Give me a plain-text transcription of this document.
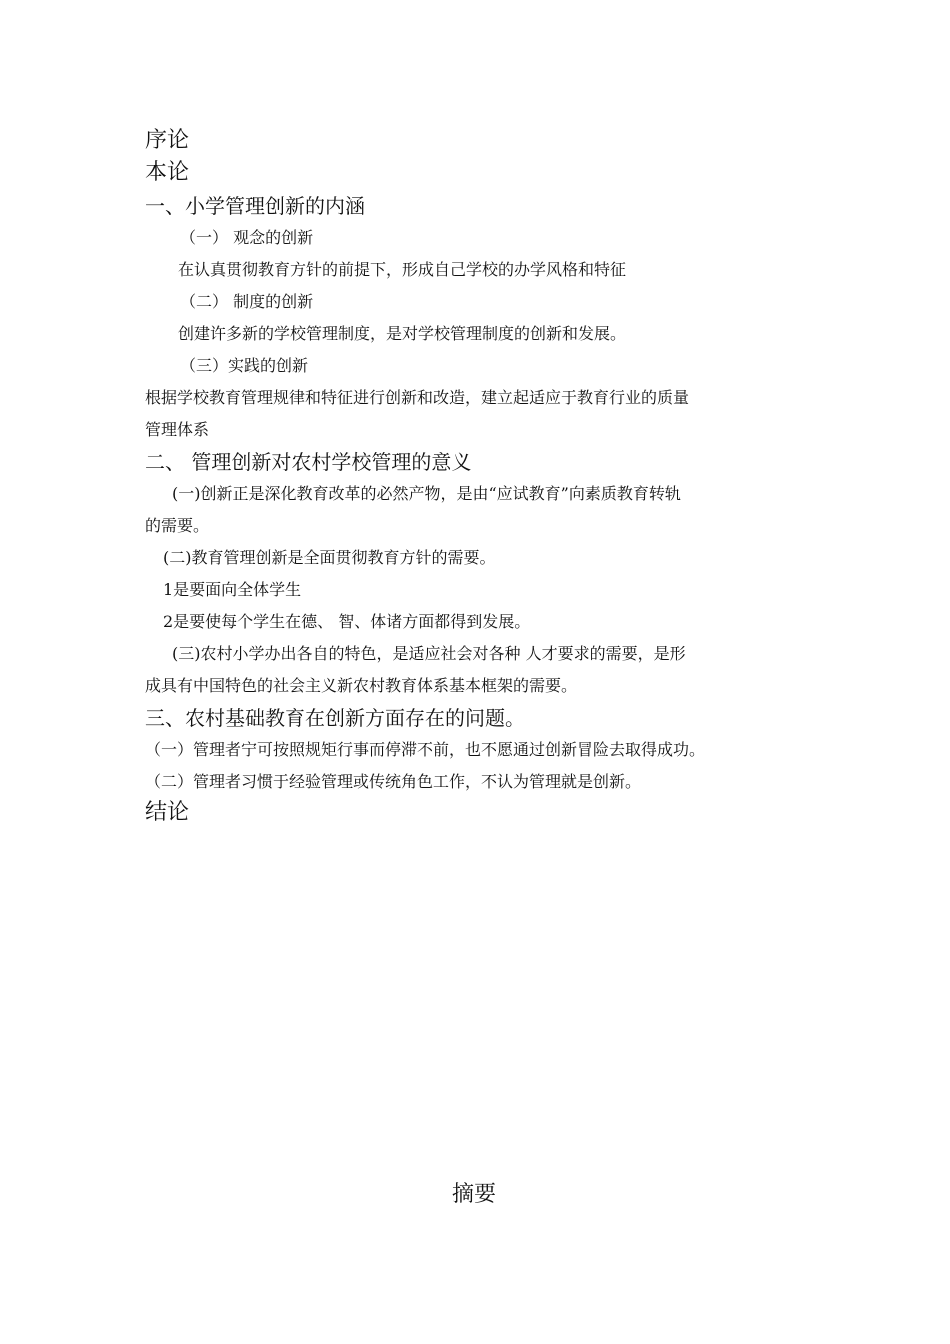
序论
本论
一、小学管理创新的内涵
（一） 观念的创新
在认真贯彻教育方针的前提下，形成自己学校的办学风格和特征
（二） 制度的创新
创建许多新的学校管理制度，是对学校管理制度的创新和发展。
（三）实践的创新
根据学校教育管理规律和特征进行创新和改造，建立起适应于教育行业的质量
管理体系
二、 管理创新对农村学校管理的意义
(一)创新正是深化教育改革的必然产物，是由“应试教育”向素质教育转轨
的需要。
(二)教育管理创新是全面贯彻教育方针的需要。
1是要面向全体学生
2是要使每个学生在德、 智、体诸方面都得到发展。
(三)农村小学办出各自的特色，是适应社会对各种 人才要求的需要，是形
成具有中国特色的社会主义新农村教育体系基本框架的需要。
三、农村基础教育在创新方面存在的问题。
（一）管理者宁可按照规矩行事而停滞不前，也不愿通过创新冒险去取得成功。
（二）管理者习惯于经验管理或传统角色工作，不认为管理就是创新。
结论
摘要
